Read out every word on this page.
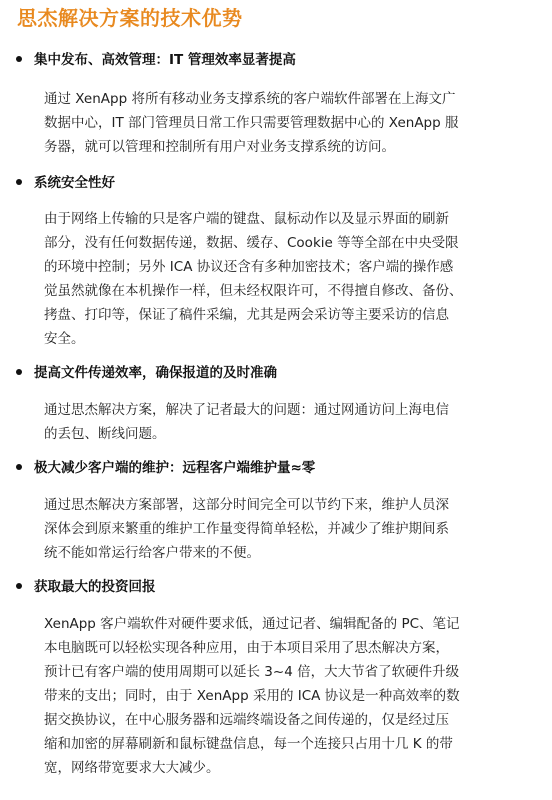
思杰解决方案的技术优势
集中发布、高效管理：IT 管理效率显著提高
通过 XenApp 将所有移动业务支撑系统的客户端软件部署在上海文广
数据中心，IT 部门管理员日常工作只需要管理数据中心的 XenApp 服
务器，就可以管理和控制所有用户对业务支撑系统的访问。
系统安全性好
由于网络上传输的只是客户端的键盘、鼠标动作以及显示界面的刷新
部分，没有任何数据传递，数据、缓存、Cookie 等等全部在中央受限
的环境中控制；另外 ICA 协议还含有多种加密技术；客户端的操作感
觉虽然就像在本机操作一样，但未经权限许可，不得擅自修改、备份、
拷盘、打印等，保证了稿件采编，尤其是两会采访等主要采访的信息
安全。
提高文件传递效率，确保报道的及时准确
通过思杰解决方案，解决了记者最大的问题：通过网通访问上海电信
的丢包、断线问题。
极大减少客户端的维护：远程客户端维护量≈零
通过思杰解决方案部署，这部分时间完全可以节约下来，维护人员深
深体会到原来繁重的维护工作量变得简单轻松，并减少了维护期间系
统不能如常运行给客户带来的不便。
获取最大的投资回报
XenApp 客户端软件对硬件要求低，通过记者、编辑配备的 PC、笔记
本电脑既可以轻松实现各种应用，由于本项目采用了思杰解决方案，
预计已有客户端的使用周期可以延长 3~4 倍，大大节省了软硬件升级
带来的支出；同时，由于 XenApp 采用的 ICA 协议是一种高效率的数
据交换协议，在中心服务器和远端终端设备之间传递的，仅是经过压
缩和加密的屏幕刷新和鼠标键盘信息，每一个连接只占用十几 K 的带
宽，网络带宽要求大大减少。
